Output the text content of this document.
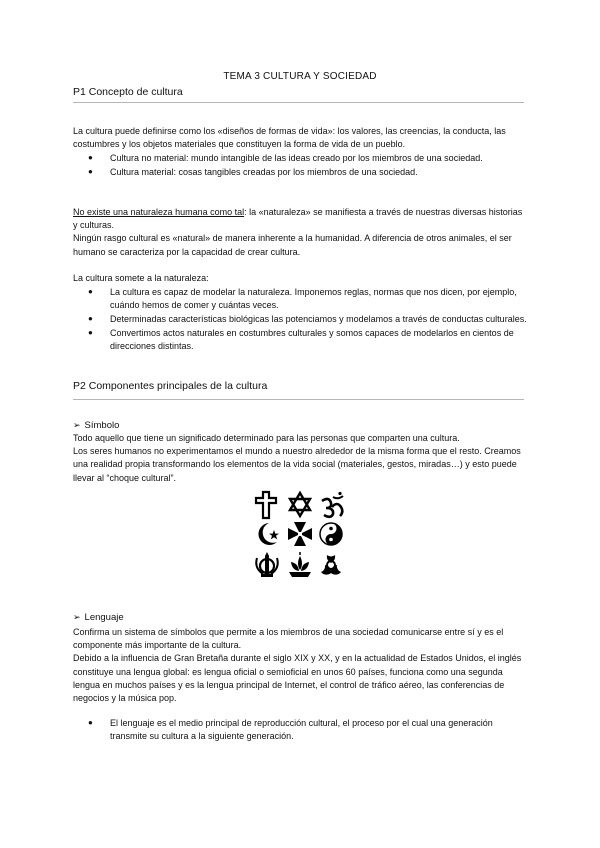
TEMA 3 CULTURA Y SOCIEDAD
P1 Concepto de cultura

La cultura puede definirse como los «diseños de formas de vida»: los valores, las creencias, la conducta, las costumbres y los objetos materiales que constituyen la forma de vida de un pueblo.

● Cultura no material: mundo intangible de las ideas creado por los miembros de una sociedad.
● Cultura material: cosas tangibles creadas por los miembros de una sociedad.

No existe una naturaleza humana como tal: la «naturaleza» se manifiesta a través de nuestras diversas historias y culturas.

Ningún rasgo cultural es «natural» de manera inherente a la humanidad. A diferencia de otros animales, el ser humano se caracteriza por la capacidad de crear cultura.

La cultura somete a la naturaleza:

● La cultura es capaz de modelar la naturaleza. Imponemos reglas, normas que nos dicen, por ejemplo, cuándo hemos de comer y cuántas veces.
● Determinadas características biológicas las potenciamos y modelamos a través de conductas culturales.
● Convertimos actos naturales en costumbres culturales y somos capaces de modelarlos en cientos de direcciones distintas.
P2 Componentes principales de la cultura
➢ Símbolo

Todo aquello que tiene un significado determinado para las personas que comparten una cultura.

Los seres humanos no experimentamos el mundo a nuestro alrededor de la misma forma que el resto. Creamos una realidad propia transformando los elementos de la vida social (materiales, gestos, miradas…) y esto puede llevar al “choque cultural”.

➢ Lenguaje

Confirma un sistema de símbolos que permite a los miembros de una sociedad comunicarse entre sí y es el componente más importante de la cultura.

Debido a la influencia de Gran Bretaña durante el siglo XIX y XX, y en la actualidad de Estados Unidos, el inglés constituye una lengua global: es lengua oficial o semioficial en unos 60 países, funciona como una segunda lengua en muchos países y es la lengua principal de Internet, el control de tráfico aéreo, las conferencias de negocios y la música pop.

● El lenguaje es el medio principal de reproducción cultural, el proceso por el cual una generación transmite su cultura a la siguiente generación.
